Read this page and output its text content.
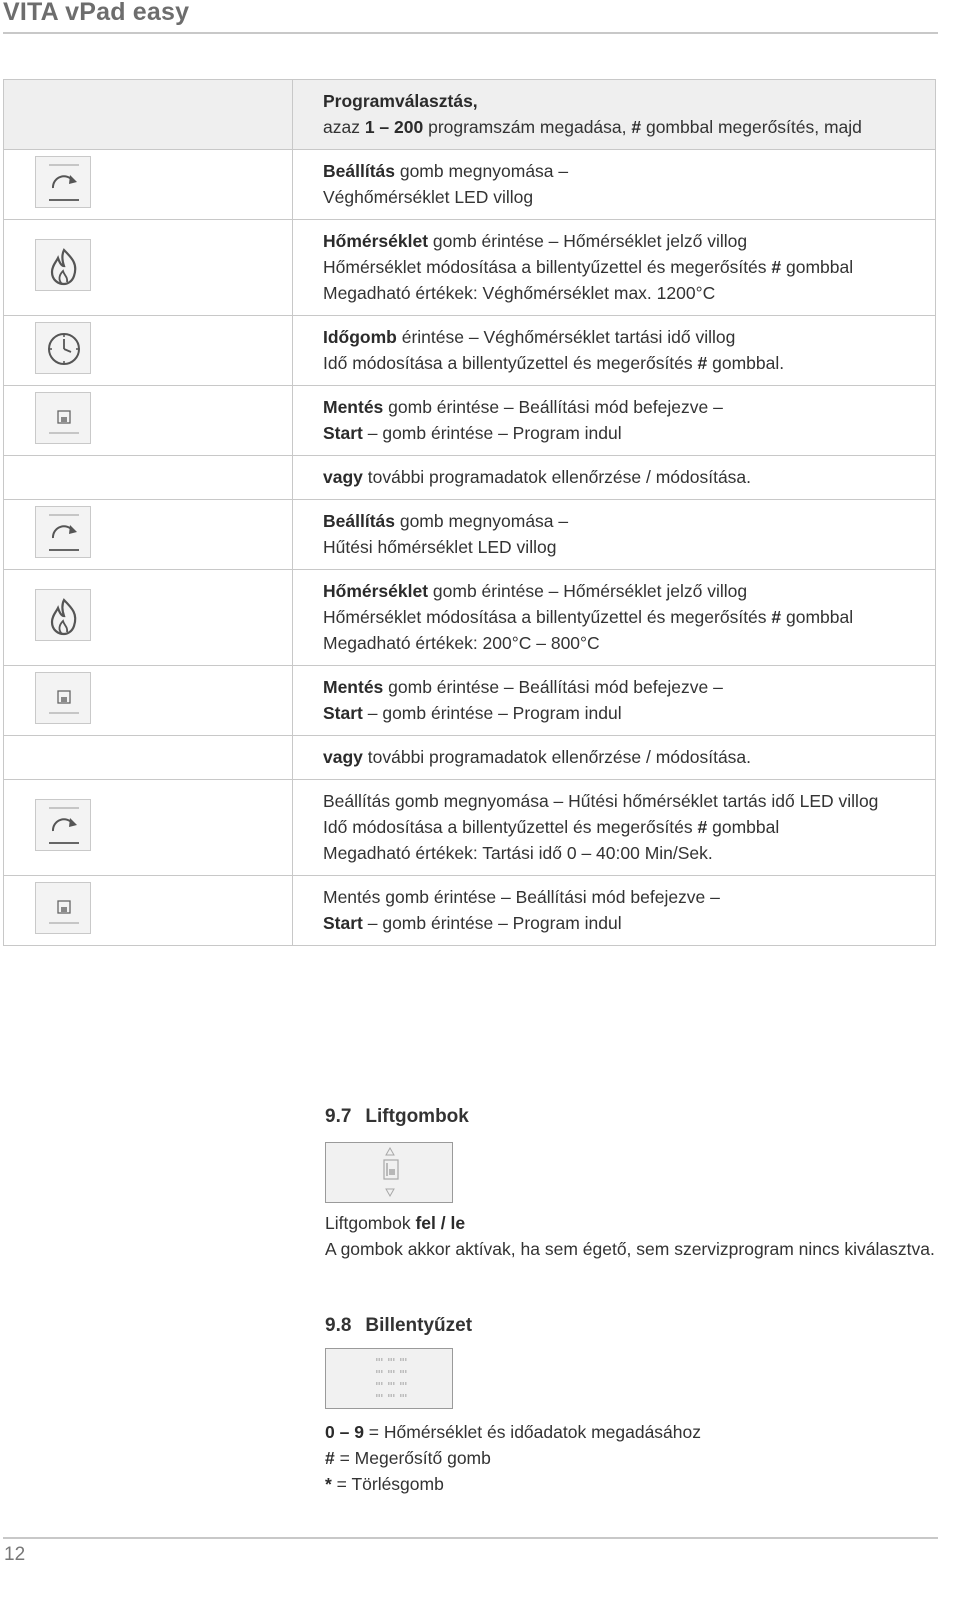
VITA vPad easy

	Programválasztás,
azaz 1 – 200 programszám megadása, # gombbal megerősítés, majd

Beállítás gomb megnyomása –
Véghőmérséklet LED villog

Hőmérséklet gomb érintése – Hőmérséklet jelző villog
Hőmérséklet módosítása a billentyűzettel és megerősítés # gombbal
Megadható értékek: Véghőmérséklet max. 1200°C

Időgomb érintése – Véghőmérséklet tartási idő villog
Idő módosítása a billentyűzettel és megerősítés # gombbal.

Mentés gomb érintése – Beállítási mód befejezve –
Start – gomb érintése – Program indul

	vagy további programadatok ellenőrzése / módosítása.

Beállítás gomb megnyomása –
Hűtési hőmérséklet LED villog

Hőmérséklet gomb érintése – Hőmérséklet jelző villog
Hőmérséklet módosítása a billentyűzettel és megerősítés # gombbal
Megadható értékek: 200°C – 800°C

Mentés gomb érintése – Beállítási mód befejezve –
Start – gomb érintése – Program indul

	vagy további programadatok ellenőrzése / módosítása.

Beállítás gomb megnyomása – Hűtési hőmérséklet tartás idő LED villog
Idő módosítása a billentyűzettel és megerősítés # gombbal
Megadható értékek: Tartási idő 0 – 40:00 Min/Sek.

Mentés gomb érintése – Beállítási mód befejezve –
Start – gomb érintése – Program indul
9.7 Liftgombok
Liftgombok fel / le
A gombok akkor aktívak, ha sem égető, sem szervizprogram nincs kiválasztva.
9.8 Billentyűzet
0 – 9 = Hőmérséklet és időadatok megadásához
# = Megerősítő gomb
* = Törlésgomb
12
